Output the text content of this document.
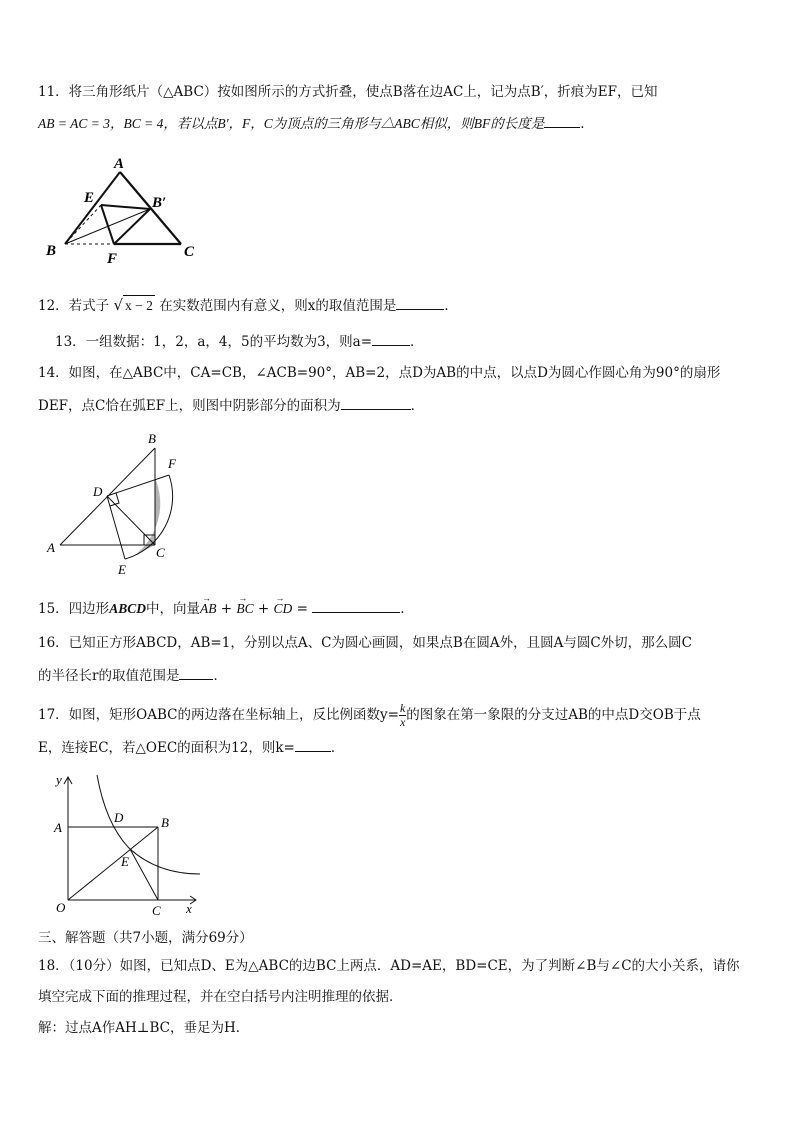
11．将三角形纸片（△ABC）按如图所示的方式折叠，使点B落在边AC上，记为点B′，折痕为EF，已知
AB = AC = 3，BC = 4，若以点B′，F，C为顶点的三角形与△ABC相似，则BF的长度是	.
A
E	B′
B	F	C
12．若式子 √ x − 2 在实数范围内有意义，则x的取值范围是	．
13．一组数据：1，2，a，4，5的平均数为3，则a=	．
14．如图，在△ABC中，CA=CB，∠ACB=90°，AB=2，点D为AB的中点，以点D为圆心作圆心角为90°的扇形
DEF，点C恰在弧EF上，则图中阴影部分的面积为	．
B
F
D
A	C
E
15．四边形ABCD中，向量→ AB + → BC + → CD =	.
16．已知正方形ABCD，AB=1，分别以点A、C为圆心画圆，如果点B在圆A外，且圆A与圆C外切，那么圆C
的半径长r的取值范围是	．
17．如图，矩形OABC的两边落在坐标轴上，反比例函数$y= \frac{k}{x}$ 的图象在第一象限的分支过AB的中点D交OB于点
E，连接EC，若△OEC的面积为12，则k=	．
y
A
D	B
E
O	C x
三、解答题（共7小题，满分69分）
18．（10分）如图，已知点D、E为△ABC的边BC上两点．AD=AE，BD=CE，为了判断∠B与∠C的大小关系，请你
填空完成下面的推理过程，并在空白括号内注明推理的依据．
解：过点A作AH⊥BC，垂足为H．
